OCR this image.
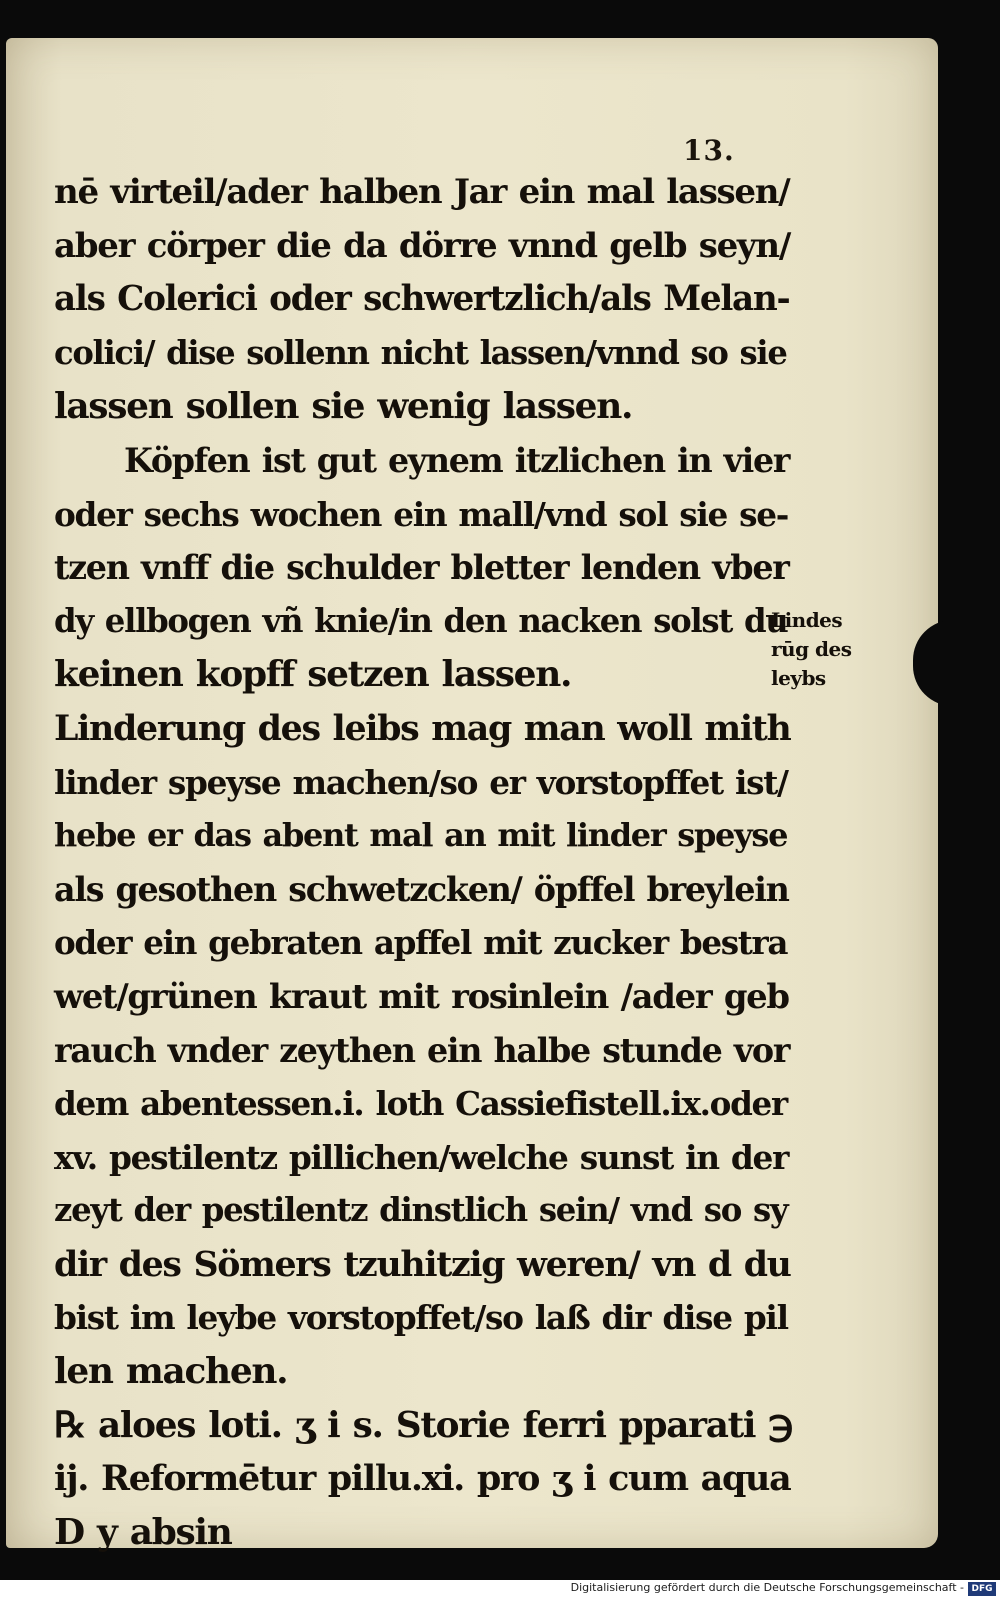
13.
nē virteil/ader halben Jar ein mal lassen/
aber cörper die da dörre vnnd gelb seyn/
als Colerici oder schwertzlich/als Melan-
colici/ dise sollenn nicht lassen/vnnd so sie
lassen sollen sie wenig lassen.
Köpfen ist gut eynem itzlichen in vier
oder sechs wochen ein mall/vnd sol sie se-
tzen vnff die schulder bletter lenden vber
dy ellbogen vñ knie/in den nacken solst du
keinen kopff setzen lassen.
Linderung des leibs mag man woll mith
linder speyse machen/so er vorstopffet ist/
hebe er das abent mal an mit linder speyse
als gesothen schwetzcken/ öpffel breylein
oder ein gebraten apffel mit zucker bestra
wet/grünen kraut mit rosinlein /ader geb
rauch vnder zeythen ein halbe stunde vor
dem abentessen.i. loth Cassiefistell.ix.oder
xv. pestilentz pillichen/welche sunst in der
zeyt der pestilentz dinstlich sein/ vnd so sy
dir des Sömers tzuhitzig weren/ vn d du
bist im leybe vorstopffet/so laß dir dise pil
len machen.
℞ aloes loti. ʒ i s. Storie ferri pparati ℈
ij. Reformētur pillu.xi. pro ʒ i cum aqua
D y absin
Lindes
rūg des
leybs
Digitalisierung gefördert durch die Deutsche Forschungsgemeinschaft - DFG
